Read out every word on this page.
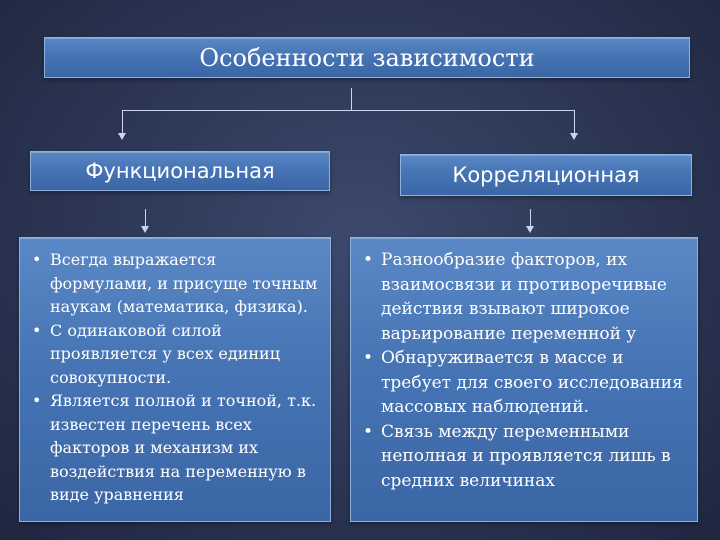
Особенности зависимости
Функциональная	Корреляционная
• Всегда выражается формулами, и присуще точным наукам (математика, физика).
• С одинаковой силой проявляется у всех единиц совокупности.
• Является полной и точной, т.к. известен перечень всех факторов и механизм их воздействия на переменную в виде уравнения
• Разнообразие факторов, их взаимосвязи и противоречивые действия взывают широкое варьирование переменной y
• Обнаруживается в массе и требует для своего исследования массовых наблюдений.
• Связь между переменными неполная и проявляется лишь в средних величинах
